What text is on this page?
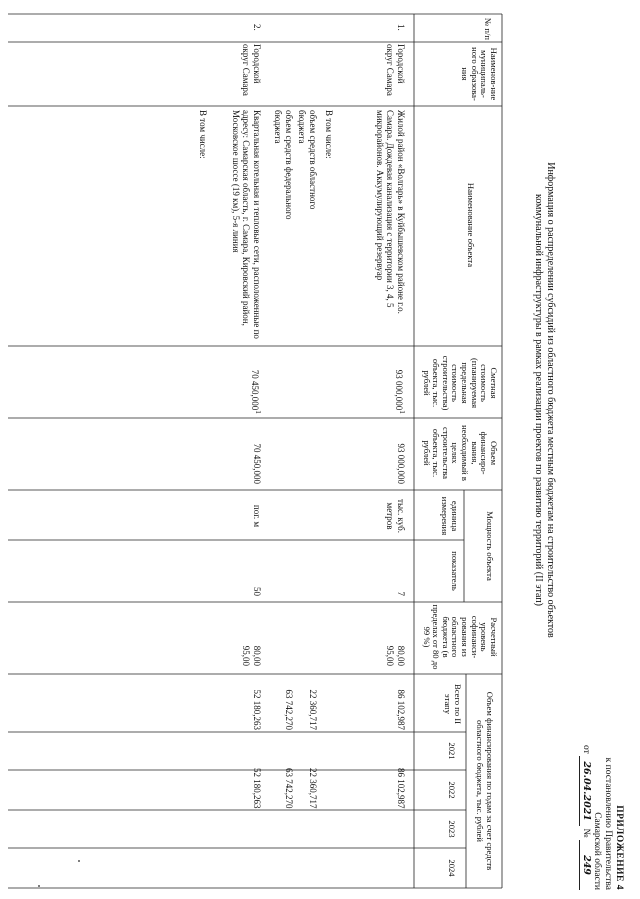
ПРИЛОЖЕНИЕ 4
к постановлению Правительства
Самарской области
от 26.04.2021 № 249
Информация о распределении субсидий из областного бюджета местным бюджетам на строительство объектов коммунальной инфраструктуры в рамках реализации проектов по развитию территорий (II этап)
№ п/п
Наименов-ние муниципаль-ного образова-ния
Наименование объекта
Сметная стоимость (планируемая предельная стоимость строительства) объекта, тыс. рублей
Объем финансиро-вания, необходимый в целях строительства объекта, тыс. рублей
Мощность объекта
единица измерения
показатель
Расчетный уровень софинанси-рования из областного бюджета (в пределах от 80 до 99 %)
Объем финансирования по годам за счет средств областного бюджета, тыс. рублей
Всего по II этапу
2021
2022
2023
2024
1.
Городской округ Самара
Жилой район «Волгарь» в Куйбышевском районе г.о. Самара. Дождевая канализация с территории 3, 4, 5 микрорайонов. Аккумулирующий резервуар
В том числе:
объем средств областного бюджета
объем средств федерального бюджета
93 000,000$^1$
93 000,000
тыс. куб. метров
7
80,00
95,00
86 102,987
22 360,717
63 742,270
86 102,987
22 360,717
63 742,270
2.
Городской округ Самара
Квартальная котельная и тепловые сети, расположенные по адресу: Самарская область, г. Самара, Кировский район, Московское шоссе (19 км), 5-я линия
В том числе:
70 450,000$^1$
70 450,000
пог. м
50
80,00
95,00
52 180,263
52 180,263
